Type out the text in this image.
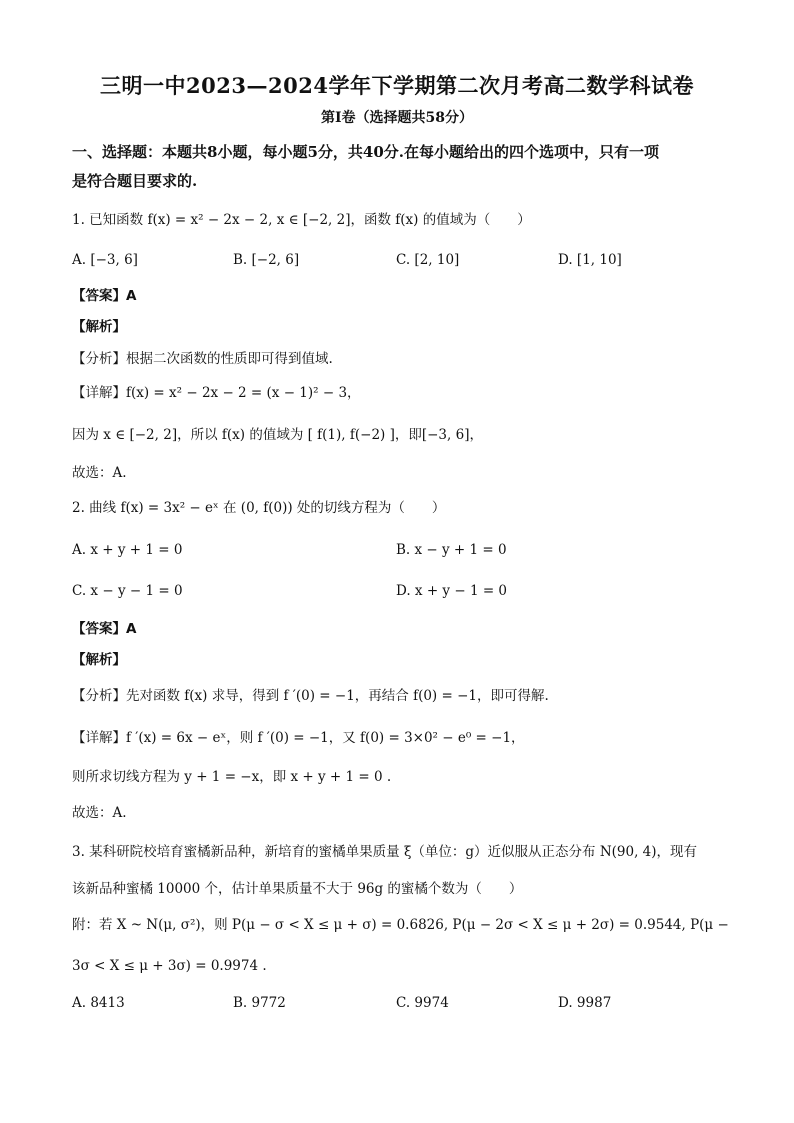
三明一中2023—2024学年下学期第二次月考高二数学科试卷
第Ⅰ卷（选择题共58分）
一、选择题：本题共8小题，每小题5分，共40分.在每小题给出的四个选项中，只有一项
是符合题目要求的.
1. 已知函数 f(x) = x² − 2x − 2, x ∈ [−2, 2]，函数 f(x) 的值域为（　　）
A. [−3, 6]	B. [−2, 6]	C. [2, 10]	D. [1, 10]
【答案】A
【解析】
【分析】根据二次函数的性质即可得到值域.
【详解】f(x) = x² − 2x − 2 = (x − 1)² − 3，
因为 x ∈ [−2, 2]，所以 f(x) 的值域为 [ f(1), f(−2) ]，即[−3, 6]，
故选：A.
2. 曲线 f(x) = 3x² − eˣ 在 (0, f(0)) 处的切线方程为（　　）
A. x + y + 1 = 0	B. x − y + 1 = 0
C. x − y − 1 = 0	D. x + y − 1 = 0
【答案】A
【解析】
【分析】先对函数 f(x) 求导，得到 f ′(0) = −1，再结合 f(0) = −1，即可得解.
【详解】f ′(x) = 6x − eˣ，则 f ′(0) = −1，又 f(0) = 3×0² − e⁰ = −1，
则所求切线方程为 y + 1 = −x，即 x + y + 1 = 0 .
故选：A.
3. 某科研院校培育蜜橘新品种，新培育的蜜橘单果质量 ξ（单位：g）近似服从正态分布 N(90, 4)，现有
该新品种蜜橘 10000 个，估计单果质量不大于 96g 的蜜橘个数为（　　）
附：若 X ~ N(μ, σ²)，则 P(μ − σ < X ≤ μ + σ) = 0.6826, P(μ − 2σ < X ≤ μ + 2σ) = 0.9544, P(μ −
3σ < X ≤ μ + 3σ) = 0.9974 .
A. 8413	B. 9772	C. 9974	D. 9987
